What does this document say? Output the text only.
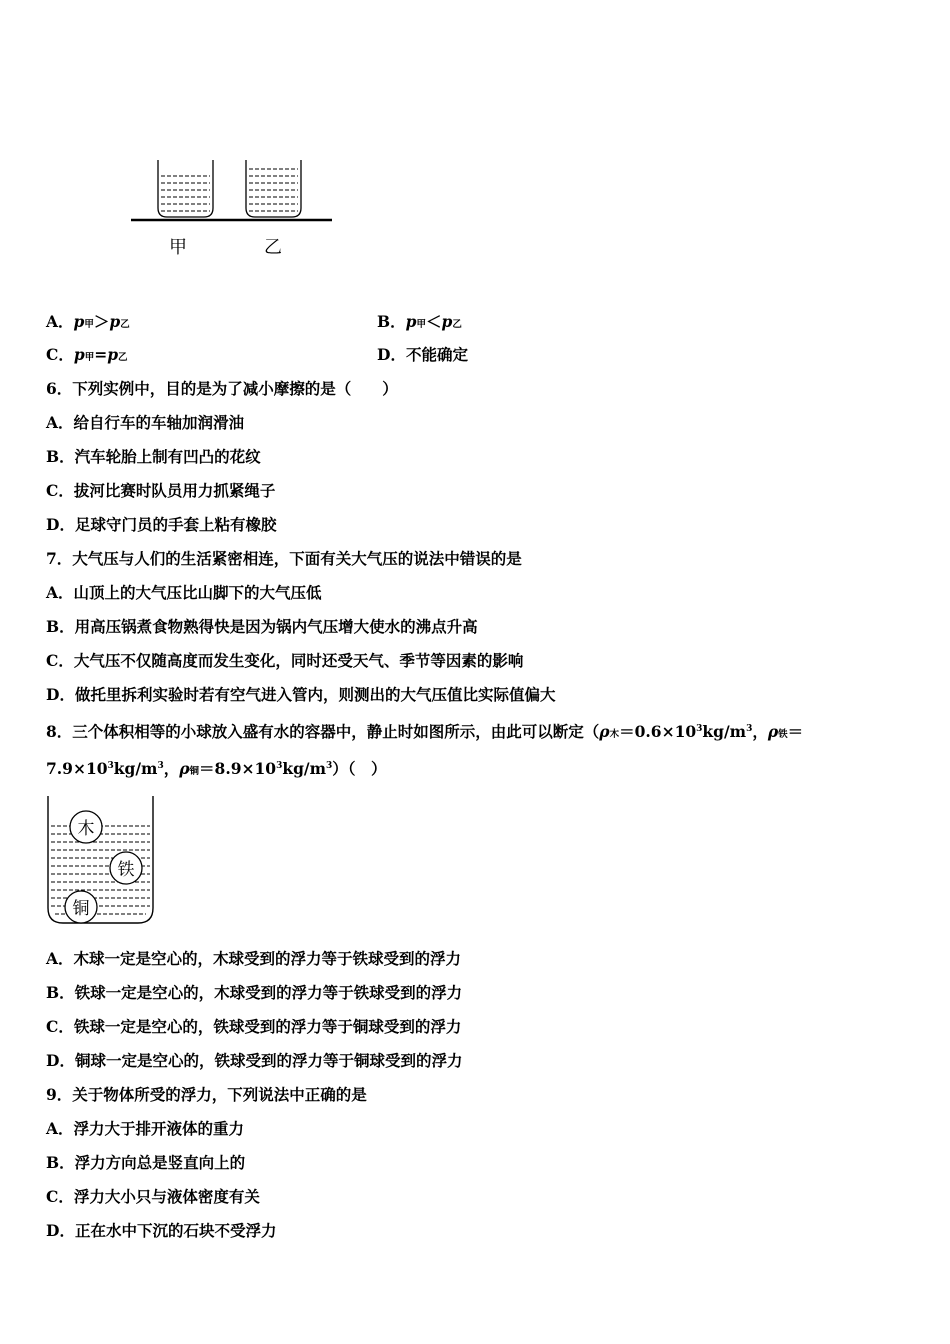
甲	乙
A．p甲＞p乙	B．p甲＜p乙
C．p甲=p乙	D．不能确定
6．下列实例中，目的是为了减小摩擦的是（　　）
A．给自行车的车轴加润滑油
B．汽车轮胎上制有凹凸的花纹
C．拔河比赛时队员用力抓紧绳子
D．足球守门员的手套上粘有橡胶
7．大气压与人们的生活紧密相连，下面有关大气压的说法中错误的是
A．山顶上的大气压比山脚下的大气压低
B．用高压锅煮食物熟得快是因为锅内气压增大使水的沸点升高
C．大气压不仅随高度而发生变化，同时还受天气、季节等因素的影响
D．做托里拆利实验时若有空气进入管内，则测出的大气压值比实际值偏大
8．三个体积相等的小球放入盛有水的容器中，静止时如图所示，由此可以断定（ρ木$=0.6\times 10^3kg/m^3$，ρ铁＝
$7.9\times 10^3kg/m^3$，ρ铜$=8.9\times 10^3kg/m^3$）（　）
木
铁
铜
A．木球一定是空心的，木球受到的浮力等于铁球受到的浮力
B．铁球一定是空心的，木球受到的浮力等于铁球受到的浮力
C．铁球一定是空心的，铁球受到的浮力等于铜球受到的浮力
D．铜球一定是空心的，铁球受到的浮力等于铜球受到的浮力
9．关于物体所受的浮力，下列说法中正确的是
A．浮力大于排开液体的重力
B．浮力方向总是竖直向上的
C．浮力大小只与液体密度有关
D．正在水中下沉的石块不受浮力
